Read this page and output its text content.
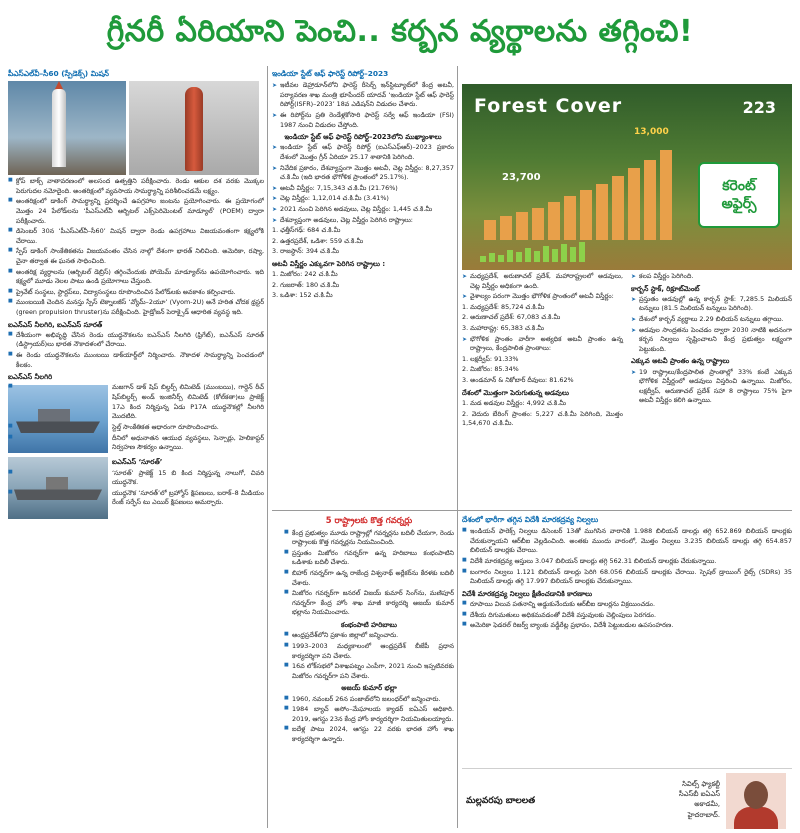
గ్రీనరీ ఏరియాని పెంచి.. కర్బన వ్యర్థాలను తగ్గించి!
పీఎస్‌ఎల్‌వీ–సీ60 (స్పేడెక్స్) మిషన్
■ క్రోప్ బాక్స్ వాతావరణంలో అలసంద ఉత్పత్తిని పరీక్షించారు. రెండు ఆకుల దశ వరకు మొక్కల పెరుగుదల నమోదైంది. అంతరిక్షంలో వ్యవసాయ సామర్థ్యాన్ని పరిశీలించడమే లక్ష్యం.
■ అంతరిక్షంలో డాకింగ్ సామర్థ్యాన్ని ప్రదర్శించే ఉపగ్రహాల జంటను ప్రయోగించారు. ఈ ప్రయోగంలో మొత్తం 24 పేలోడ్‌లను ‘పీఎస్‌ఎల్‌వీ ఆర్బిటల్ ఎక్స్‌పెరిమెంటల్ మాడ్యూల్’ (POEM) ద్వారా పరీక్షించారు.
■ డిసెంబర్ 30న ‘పీఎస్‌ఎల్‌వీ–సీ60’ మిషన్ ద్వారా రెండు ఉపగ్రహాలు విజయవంతంగా కక్ష్యలోకి చేరాయి.
■ స్పేస్ డాకింగ్ సాంకేతికతను విజయవంతం చేసిన నాల్గో దేశంగా భారత్ నిలిచింది. అమెరికా, రష్యా, చైనా తర్వాత ఈ ఘనత సాధించింది.
■ అంతరిక్ష వ్యర్థాలను (ఆర్బిటల్ డెబ్రిస్) తగ్గించేందుకు పోయెమ్ మాడ్యూల్‌ను ఉపయోగించారు. ఇది కక్ష్యలో మూడు నెలల పాటు ఉండి ప్రయోగాలు చేస్తుంది.
■ ప్రైవేట్ సంస్థలు, స్టార్టప్‌లు, విద్యాసంస్థలు రూపొందించిన పేలోడ్‌లకు అవకాశం కల్పించారు.
■ ముంబయికి చెందిన మనస్తు స్పేస్ టెక్నాలజీస్ ‘వ్యోమ్–2యూ’ (Vyom-2U) అనే హరిత చోదక థ్రస్టర్‌ (green propulsion thruster)ను పరీక్షించింది. హైడ్రోజన్ పెరాక్సైడ్ ఆధారిత వ్యవస్థ ఇది.
ఐఎన్‌ఎస్ నీలగిరి, ఐఎన్‌ఎస్ సూరత్
■ దేశీయంగా అభివృద్ధి చేసిన రెండు యుద్ధనౌకలను ఐఎన్‌ఎస్ నీలగిరి (ఫ్రిగేట్), ఐఎన్‌ఎస్ సూరత్ (డిస్ట్రాయర్)లు భారత నౌకాదళంలో చేరాయి.
■ ఈ రెండు యుద్ధనౌకలను ముంబయి డాక్‌యార్డ్‌లో నిర్మించారు. నౌకాదళ సామర్థ్యాన్ని పెంచడంలో కీలకం.
ఐఎన్‌ఎస్ నీలగిరి
■ మజగాన్ డాక్ షిప్ బిల్డర్స్ లిమిటెడ్ (ముంబయి), గార్డెన్ రీచ్ షిప్‌బిల్డర్స్ అండ్ ఇంజినీర్స్ లిమిటెడ్ (కోల్‌కతా)లు ప్రాజెక్ట్ 17ఎ కింద నిర్మిస్తున్న ఏడు P17A యుద్ధనౌకల్లో నీలగిరి మొదటిది.
■ స్టెల్త్ సాంకేతికత ఆధారంగా రూపొందించారు.
■ దీనిలో అధునాతన ఆయుధ వ్యవస్థలు, సెన్సార్లు, హెలికాప్టర్ నిర్వహణ సౌకర్యం ఉన్నాయి.
ఐఎన్‌ఎస్ ‘సూరత్’
■ ‘సూరత్’ ప్రాజెక్ట్ 15 బి కింద నిర్మిస్తున్న నాలుగో, చివరి యుద్ధనౌక.
■ యుద్ధనౌక ‘సూరత్’లో బ్రహ్మోస్ క్షిపణులు, బరాక్–8 మీడియం రేంజ్ సర్ఫేస్ టు ఎయిర్ క్షిపణులు అమర్చారు.
ఇండియా స్టేట్ ఆఫ్ ఫారెస్ట్ రిపోర్ట్–2023
➤ ఇటీవల డెహ్రాడూన్‌లోని ఫారెస్ట్ రీసెర్చ్ ఇన్‌స్టిట్యూట్‌లో కేంద్ర అటవీ, పర్యావరణ శాఖ మంత్రి భూపేందర్ యాదవ్ ‘ఇండియా స్టేట్ ఆఫ్ ఫారెస్ట్ రిపోర్ట్(ISFR)–2023’ 18వ ఎడిషన్‌ని విడుదల చేశారు.
➤ ఈ రిపోర్ట్‌ను ప్రతి రెండేళ్లకోసారి ఫారెస్ట్ సర్వే ఆఫ్ ఇండియా (FSI) 1987 నుంచి విడుదల చేస్తోంది.
ఇండియా స్టేట్ ఆఫ్ ఫారెస్ట్ రిపోర్ట్–2023లోని ముఖ్యాంశాలు
➤ ఇండియా స్టేట్ ఆఫ్ ఫారెస్ట్ రిపోర్ట్ (ఐఎస్‌ఎఫ్‌ఆర్)–2023 ప్రకారం దేశంలో మొత్తం గ్రీన్ ఏరియా 25.17 శాతానికి పెరిగింది.
➤ నివేదిక ప్రకారం, దేశవ్యాప్తంగా మొత్తం అటవీ, చెట్ల విస్తీర్ణం: 8,27,357 చ.కి.మీ (ఇది భారత భౌగోళిక ప్రాంతంలో 25.17%).
➤ అటవీ విస్తీర్ణం: 7,15,343 చ.కి.మీ (21.76%)
➤ చెట్ల విస్తీర్ణం: 1,12,014 చ.కి.మీ (3.41%)
➤ 2021 నుంచి పెరిగిన అడవులు, చెట్ల విస్తీర్ణం: 1,445 చ.కి.మీ
➤ దేశవ్యాప్తంగా అడవులు, చెట్ల విస్తీర్ణం పెరిగిన రాష్ట్రాలు:
1. ఛత్తీస్‌గఢ్: 684 చ.కి.మీ
2. ఉత్తరప్రదేశ్, ఒడిశా: 559 చ.కి.మీ
3. రాజస్థాన్: 394 చ.కి.మీ
అటవీ విస్తీర్ణం ఎక్కువగా పెరిగిన రాష్ట్రాలు :
1. మిజోరం: 242 చ.కి.మీ
2. గుజరాత్: 180 చ.కి.మీ
3. ఒడిశా: 152 చ.కి.మీ
Forest Cover	223
23,700
13,000
కరెంట్
అఫైర్స్
➤ మధ్యప్రదేశ్, అరుణాచల్ ప్రదేశ్, మహారాష్ట్రలలో అడవులు, చెట్ల విస్తీర్ణం అధికంగా ఉంది.
➤ వైశాల్యం పరంగా మొత్తం భౌగోళిక ప్రాంతంలో అటవీ విస్తీర్ణం:
1. మధ్యప్రదేశ్: 85,724 చ.కి.మీ
2. అరుణాచల్ ప్రదేశ్: 67,083 చ.కి.మీ
3. మహారాష్ట్ర: 65,383 చ.కి.మీ
➤ భౌగోళిక ప్రాంతం వారీగా అత్యధిక అటవీ ప్రాంతం ఉన్న రాష్ట్రాలు, కేంద్రపాలిత ప్రాంతాలు:
1. లక్షద్వీప్: 91.33%
2. మిజోరం: 85.34%
3. అండమాన్ & నికోబార్ దీవులు: 81.62%
దేశంలో మొత్తంగా పెరుగుతున్న అడవులు
1. మడ అడవుల విస్తీర్ణం: 4,992 చ.కి.మీ
2. వెదురు బేరింగ్ ప్రాంతం: 5,227 చ.కి.మీ పెరిగింది, మొత్తం 1,54,670 చ.కి.మీ.
➤ కలప విస్తీర్ణం పెరిగింది.
కార్బన్ స్టాక్, రిక్రూట్‌మెంట్
➤ ప్రస్తుతం అడవుల్లో ఉన్న కార్బన్ స్టాక్: 7,285.5 మిలియన్ టన్నులు (81.5 మిలియన్ టన్నులు పెరిగింది).
➤ దేశంలో కార్బన్ వ్యర్థాలు 2.29 బిలియన్ టన్నులు తగ్గాయి.
➤ అడవుల సాంద్రతను పెంచడం ద్వారా 2030 నాటికి అదనంగా కర్బన నిల్వలు సృష్టించాలని కేంద్ర ప్రభుత్వం లక్ష్యంగా పెట్టుకుంది.
ఎక్కువ అటవీ ప్రాంతం ఉన్న రాష్ట్రాలు
➤ 19 రాష్ట్రాలు/కేంద్రపాలిత ప్రాంతాల్లో 33% కంటే ఎక్కువ భౌగోళిక విస్తీర్ణంలో అడవులు విస్తరించి ఉన్నాయి. మిజోరం, లక్షద్వీప్, అరుణాచల్ ప్రదేశ్ సహా 8 రాష్ట్రాలు 75% పైగా అటవీ విస్తీర్ణం కలిగి ఉన్నాయి.
5 రాష్ట్రాలకు కొత్త గవర్నర్లు
■ కేంద్ర ప్రభుత్వం మూడు రాష్ట్రాల్లో గవర్నర్లను బదిలీ చేయగా, రెండు రాష్ట్రాలకు కొత్త గవర్నర్లను నియమించింది.
■ ప్రస్తుతం మిజోరం గవర్నర్‌గా ఉన్న హరిబాబు కంభంపాటిని ఒడిశాకు బదిలీ చేశారు.
■ బిహార్ గవర్నర్‌గా ఉన్న రాజేంద్ర విశ్వనాథ్ అర్లేకర్‌ను కేరళకు బదిలీ చేశారు.
■ మిజోరం గవర్నర్‌గా జనరల్ విజయ్ కుమార్ సింగ్‌ను, మణిపూర్ గవర్నర్‌గా కేంద్ర హోం శాఖ మాజీ కార్యదర్శి అజయ్ కుమార్ భల్లాను నియమించారు.
కంభంపాటి హరిబాబు
■ ఆంధ్రప్రదేశ్‌లోని ప్రకాశం జిల్లాలో జన్మించారు.
■ 1993–2003 మధ్యకాలంలో ఆంధ్రప్రదేశ్ బీజేపీ ప్రధాన కార్యదర్శిగా పని చేశారు.
■ 16వ లోక్‌సభలో విశాఖపట్నం ఎంపీగా, 2021 నుంచి ఇప్పటివరకు మిజోరం గవర్నర్‌గా పని చేశారు.
అజయ్ కుమార్ భల్లా
■ 1960, నవంబర్ 26న పంజాబ్‌లోని జలంధర్‌లో జన్మించారు.
■ 1984 బ్యాచ్ అసోం–మేఘాలయ క్యాడర్ ఐఏఎస్ అధికారి. 2019, ఆగస్టు 23న కేంద్ర హోం కార్యదర్శిగా నియమితులయ్యారు.
■ ఐదేళ్ల పాటు 2024, ఆగస్టు 22 వరకు భారత హోం శాఖ కార్యదర్శిగా ఉన్నారు.
దేశంలో భారీగా తగ్గిన విదేశీ మారకద్రవ్య నిల్వలు
■ ఇండియన్ ఫారెక్స్ నిల్వలు డిసెంబర్ 13తో ముగిసిన వారానికి 1.988 బిలియన్ డాలర్లు తగ్గి 652.869 బిలియన్ డాలర్లకు చేరుకున్నాయని ఆర్‌బీఐ వెల్లడించింది. అంతకు ముందు వారంలో, మొత్తం నిల్వలు 3.235 బిలియన్ డాలర్లు తగ్గి 654.857 బిలియన్ డాలర్లకు చేరాయి.
■ విదేశీ మారకద్రవ్య ఆస్తులు 3.047 బిలియన్ డాలర్లు తగ్గి 562.31 బిలియన్ డాలర్లకు చేరుకున్నాయి.
■ బంగారం నిల్వలు 1.121 బిలియన్ డాలర్లు పెరిగి 68.056 బిలియన్ డాలర్లకు చేరాయి. స్పెషల్ డ్రాయింగ్ రైట్స్ (SDRs) 35 మిలియన్ డాలర్లు తగ్గి 17.997 బిలియన్ డాలర్లకు చేరుకున్నాయి.
విదేశీ మారకద్రవ్య నిల్వలు క్షీణించడానికి కారణాలు
■ రూపాయి విలువ పతనాన్ని అడ్డుకునేందుకు ఆర్‌బీఐ డాలర్లను విక్రయించడం.
■ దేశీయ దిగుమతులు అధికమవడంతో విదేశీ వస్తువులకు చెల్లింపులు పెరగడం.
■ అమెరికా ఫెడరల్ రిజర్వ్ బ్యాంకు వడ్డీరేట్ల ప్రభావం, విదేశీ పెట్టుబడుల ఉపసంహరణ.
మల్లవరపు బాలలత
సివిల్స్ ఫ్యాకల్టీ
సీఎస్‌బీ ఐఏఎస్ అకాడమీ,
హైదరాబాద్.
